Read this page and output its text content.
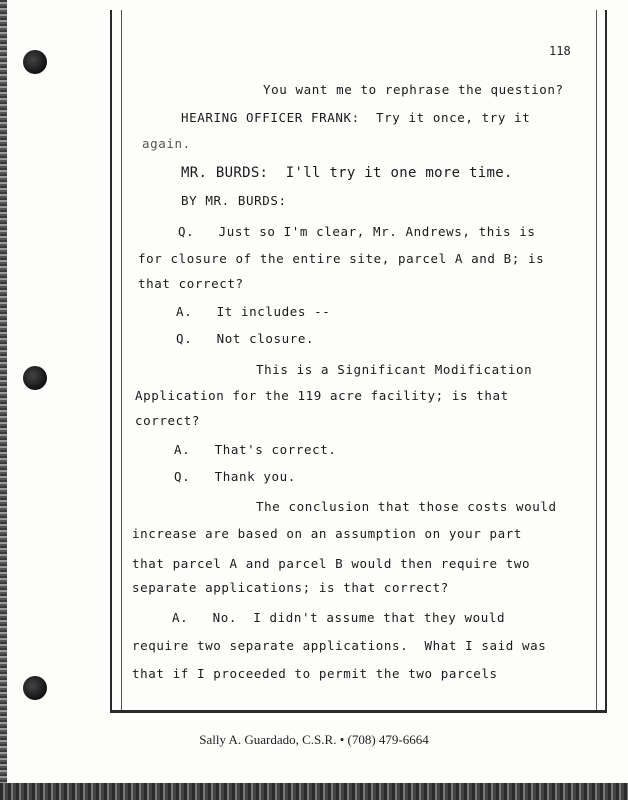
118
You want me to rephrase the question?
HEARING OFFICER FRANK:  Try it once, try it
again.
MR. BURDS:  I'll try it one more time.
BY MR. BURDS:
Q.   Just so I'm clear, Mr. Andrews, this is
for closure of the entire site, parcel A and B; is
that correct?
A.   It includes --
Q.   Not closure.
This is a Significant Modification
Application for the 119 acre facility; is that
correct?
A.   That's correct.
Q.   Thank you.
The conclusion that those costs would
increase are based on an assumption on your part
that parcel A and parcel B would then require two
separate applications; is that correct?
A.   No.  I didn't assume that they would
require two separate applications.  What I said was
that if I proceeded to permit the two parcels
Sally A. Guardado, C.S.R. • (708) 479-6664
